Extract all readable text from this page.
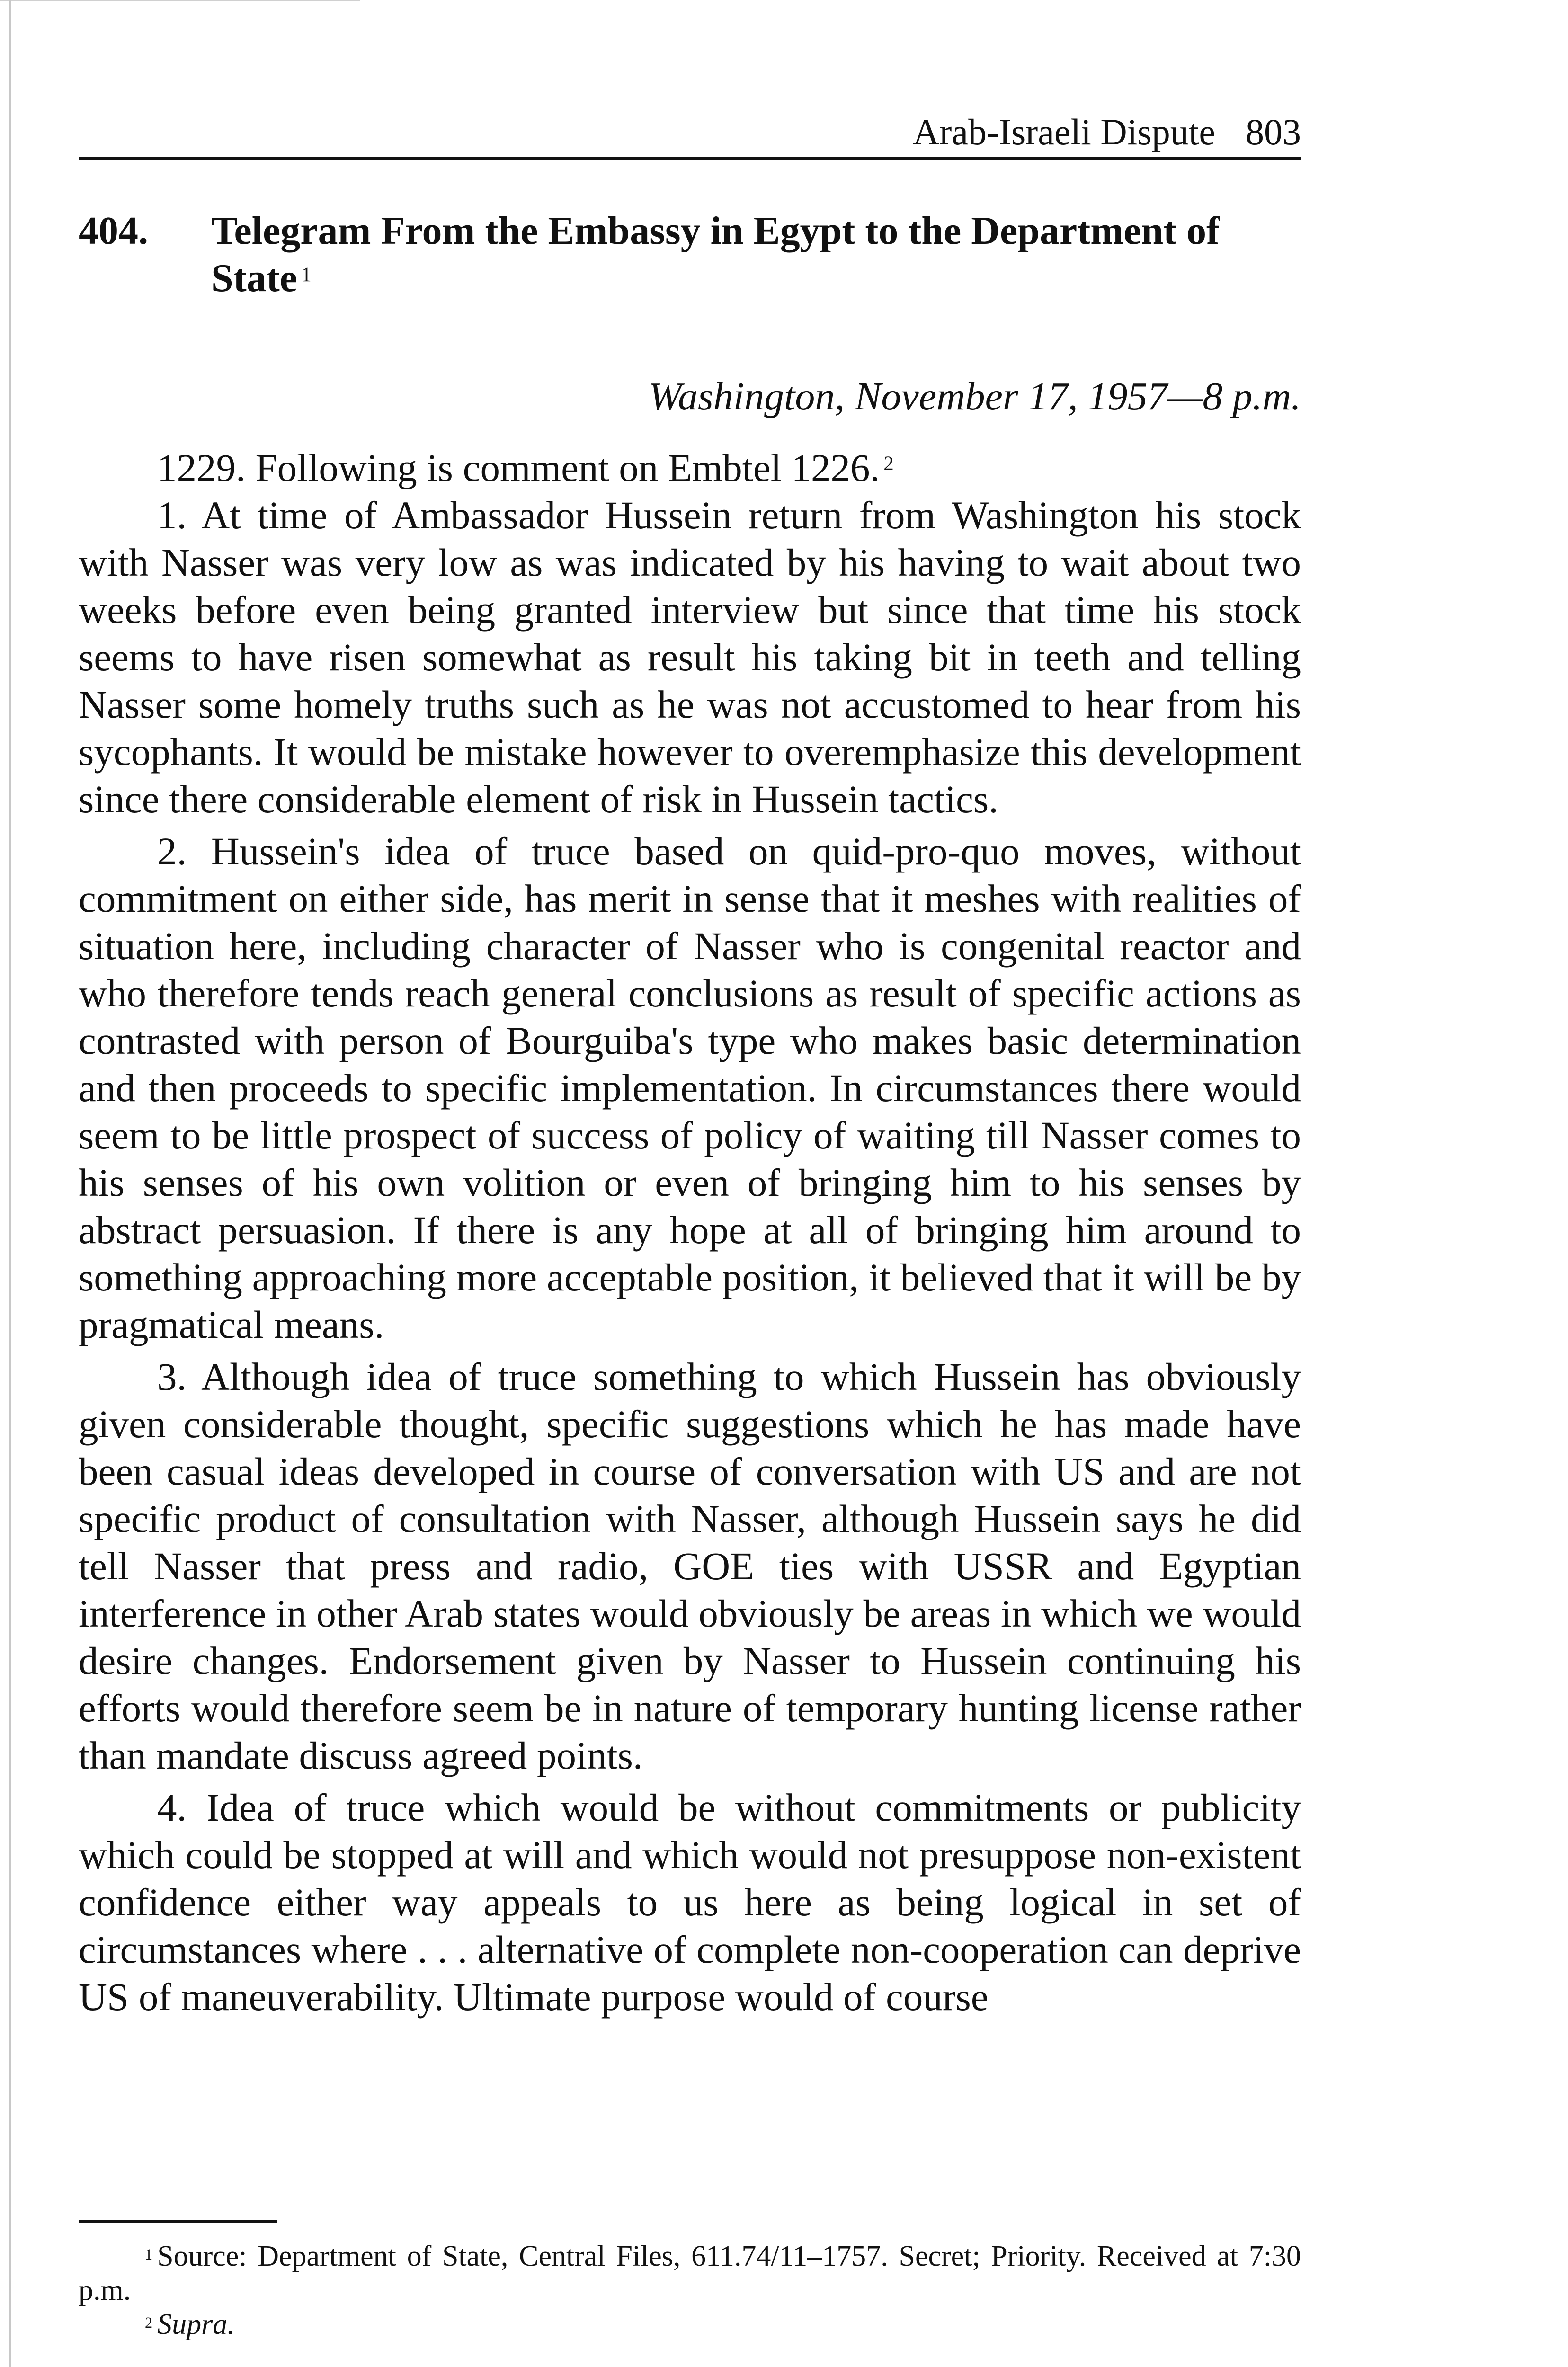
Arab-Israeli Dispute 803
404.	Telegram From the Embassy in Egypt to the Department of State $^1$
Washington, November 17, 1957—8 p.m.

1229. Following is comment on Embtel 1226. $^2$

1. At time of Ambassador Hussein return from Washington his stock with Nasser was very low as was indicated by his having to wait about two weeks before even being granted interview but since that time his stock seems to have risen somewhat as result his taking bit in teeth and telling Nasser some homely truths such as he was not accustomed to hear from his sycophants. It would be mistake however to overemphasize this development since there considerable element of risk in Hussein tactics.

2. Hussein's idea of truce based on quid-pro-quo moves, without commitment on either side, has merit in sense that it meshes with realities of situation here, including character of Nasser who is congenital reactor and who therefore tends reach general conclusions as result of specific actions as contrasted with person of Bourguiba's type who makes basic determination and then proceeds to specific implementation. In circumstances there would seem to be little prospect of success of policy of waiting till Nasser comes to his senses of his own volition or even of bringing him to his senses by abstract persuasion. If there is any hope at all of bringing him around to something approaching more acceptable position, it believed that it will be by pragmatical means.

3. Although idea of truce something to which Hussein has obviously given considerable thought, specific suggestions which he has made have been casual ideas developed in course of conversation with US and are not specific product of consultation with Nasser, although Hussein says he did tell Nasser that press and radio, GOE ties with USSR and Egyptian interference in other Arab states would obviously be areas in which we would desire changes. Endorsement given by Nasser to Hussein continuing his efforts would therefore seem be in nature of temporary hunting license rather than mandate discuss agreed points.

4. Idea of truce which would be without commitments or publicity which could be stopped at will and which would not presuppose non-existent confidence either way appeals to us here as being logical in set of circumstances where . . . alternative of complete non-cooperation can deprive US of maneuverability. Ultimate purpose would of course

$^1$ Source: Department of State, Central Files, 611.74/11–1757. Secret; Priority. Received at 7:30 p.m.

$^2$ Supra.
